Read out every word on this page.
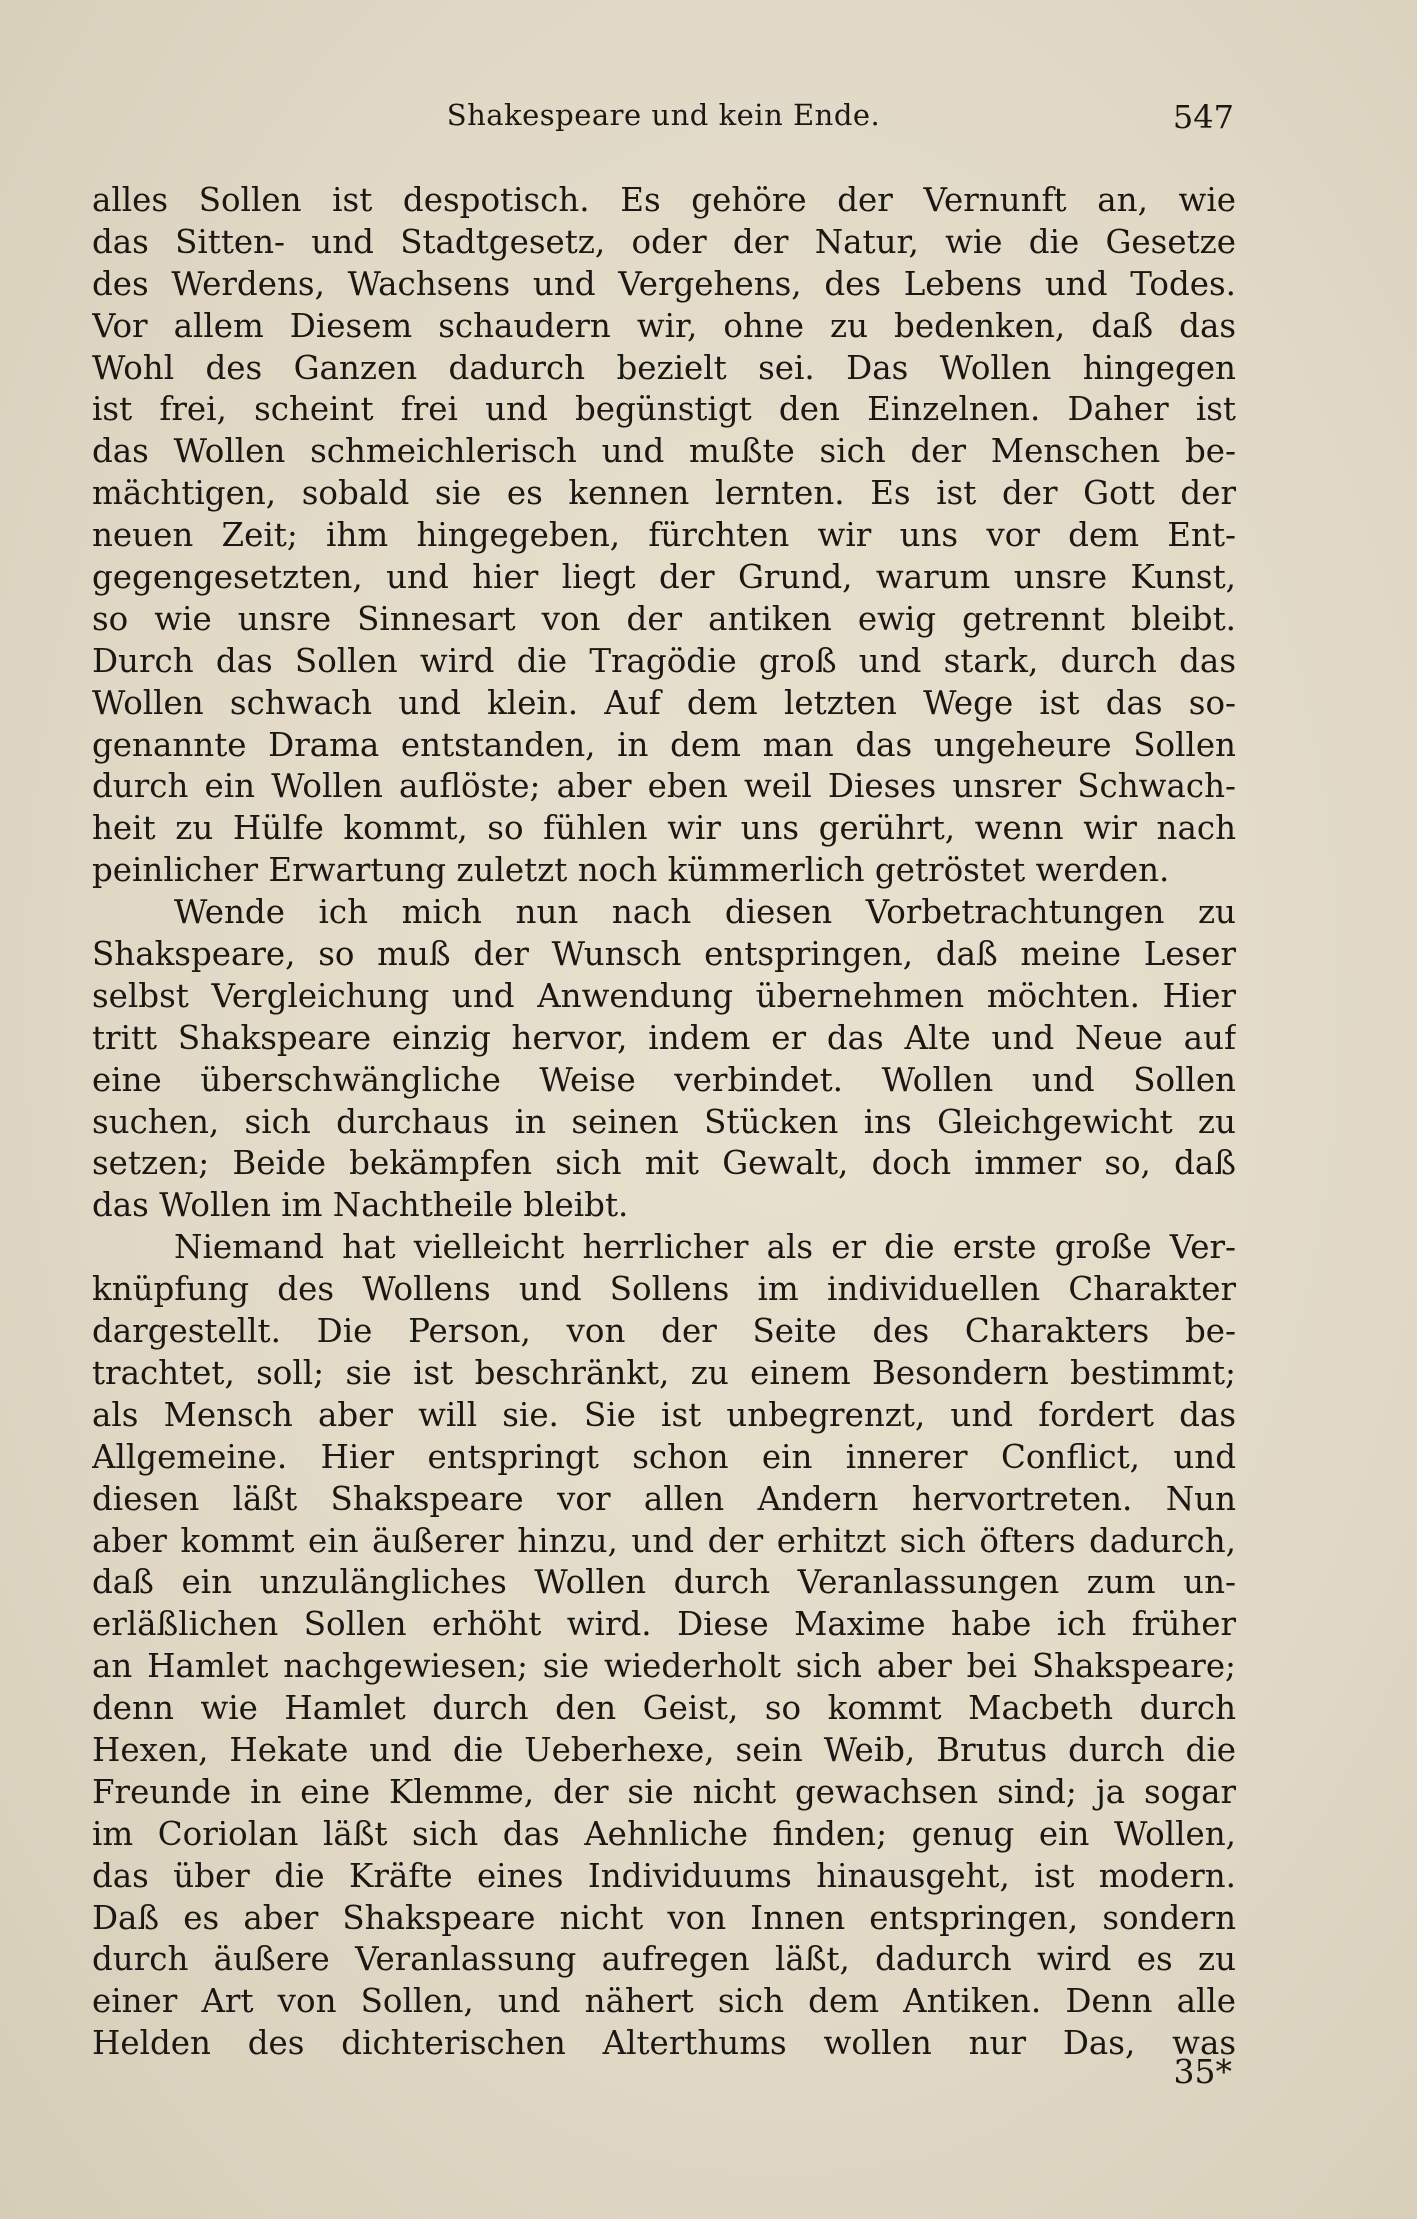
Shakespeare und kein Ende.	547
alles Sollen ist despotisch. Es gehöre der Vernunft an, wie
das Sitten- und Stadtgesetz, oder der Natur, wie die Gesetze
des Werdens, Wachsens und Vergehens, des Lebens und Todes.
Vor allem Diesem schaudern wir, ohne zu bedenken, daß das
Wohl des Ganzen dadurch bezielt sei. Das Wollen hingegen
ist frei, scheint frei und begünstigt den Einzelnen. Daher ist
das Wollen schmeichlerisch und mußte sich der Menschen be-
mächtigen, sobald sie es kennen lernten. Es ist der Gott der
neuen Zeit; ihm hingegeben, fürchten wir uns vor dem Ent-
gegengesetzten, und hier liegt der Grund, warum unsre Kunst,
so wie unsre Sinnesart von der antiken ewig getrennt bleibt.
Durch das Sollen wird die Tragödie groß und stark, durch das
Wollen schwach und klein. Auf dem letzten Wege ist das so-
genannte Drama entstanden, in dem man das ungeheure Sollen
durch ein Wollen auflöste; aber eben weil Dieses unsrer Schwach-
heit zu Hülfe kommt, so fühlen wir uns gerührt, wenn wir nach
peinlicher Erwartung zuletzt noch kümmerlich getröstet werden.
Wende ich mich nun nach diesen Vorbetrachtungen zu
Shakspeare, so muß der Wunsch entspringen, daß meine Leser
selbst Vergleichung und Anwendung übernehmen möchten. Hier
tritt Shakspeare einzig hervor, indem er das Alte und Neue auf
eine überschwängliche Weise verbindet. Wollen und Sollen
suchen, sich durchaus in seinen Stücken ins Gleichgewicht zu
setzen; Beide bekämpfen sich mit Gewalt, doch immer so, daß
das Wollen im Nachtheile bleibt.
Niemand hat vielleicht herrlicher als er die erste große Ver-
knüpfung des Wollens und Sollens im individuellen Charakter
dargestellt. Die Person, von der Seite des Charakters be-
trachtet, soll; sie ist beschränkt, zu einem Besondern bestimmt;
als Mensch aber will sie. Sie ist unbegrenzt, und fordert das
Allgemeine. Hier entspringt schon ein innerer Conflict, und
diesen läßt Shakspeare vor allen Andern hervortreten. Nun
aber kommt ein äußerer hinzu, und der erhitzt sich öfters dadurch,
daß ein unzulängliches Wollen durch Veranlassungen zum un-
erläßlichen Sollen erhöht wird. Diese Maxime habe ich früher
an Hamlet nachgewiesen; sie wiederholt sich aber bei Shakspeare;
denn wie Hamlet durch den Geist, so kommt Macbeth durch
Hexen, Hekate und die Ueberhexe, sein Weib, Brutus durch die
Freunde in eine Klemme, der sie nicht gewachsen sind; ja sogar
im Coriolan läßt sich das Aehnliche finden; genug ein Wollen,
das über die Kräfte eines Individuums hinausgeht, ist modern.
Daß es aber Shakspeare nicht von Innen entspringen, sondern
durch äußere Veranlassung aufregen läßt, dadurch wird es zu
einer Art von Sollen, und nähert sich dem Antiken. Denn alle
Helden des dichterischen Alterthums wollen nur Das, was
35*
